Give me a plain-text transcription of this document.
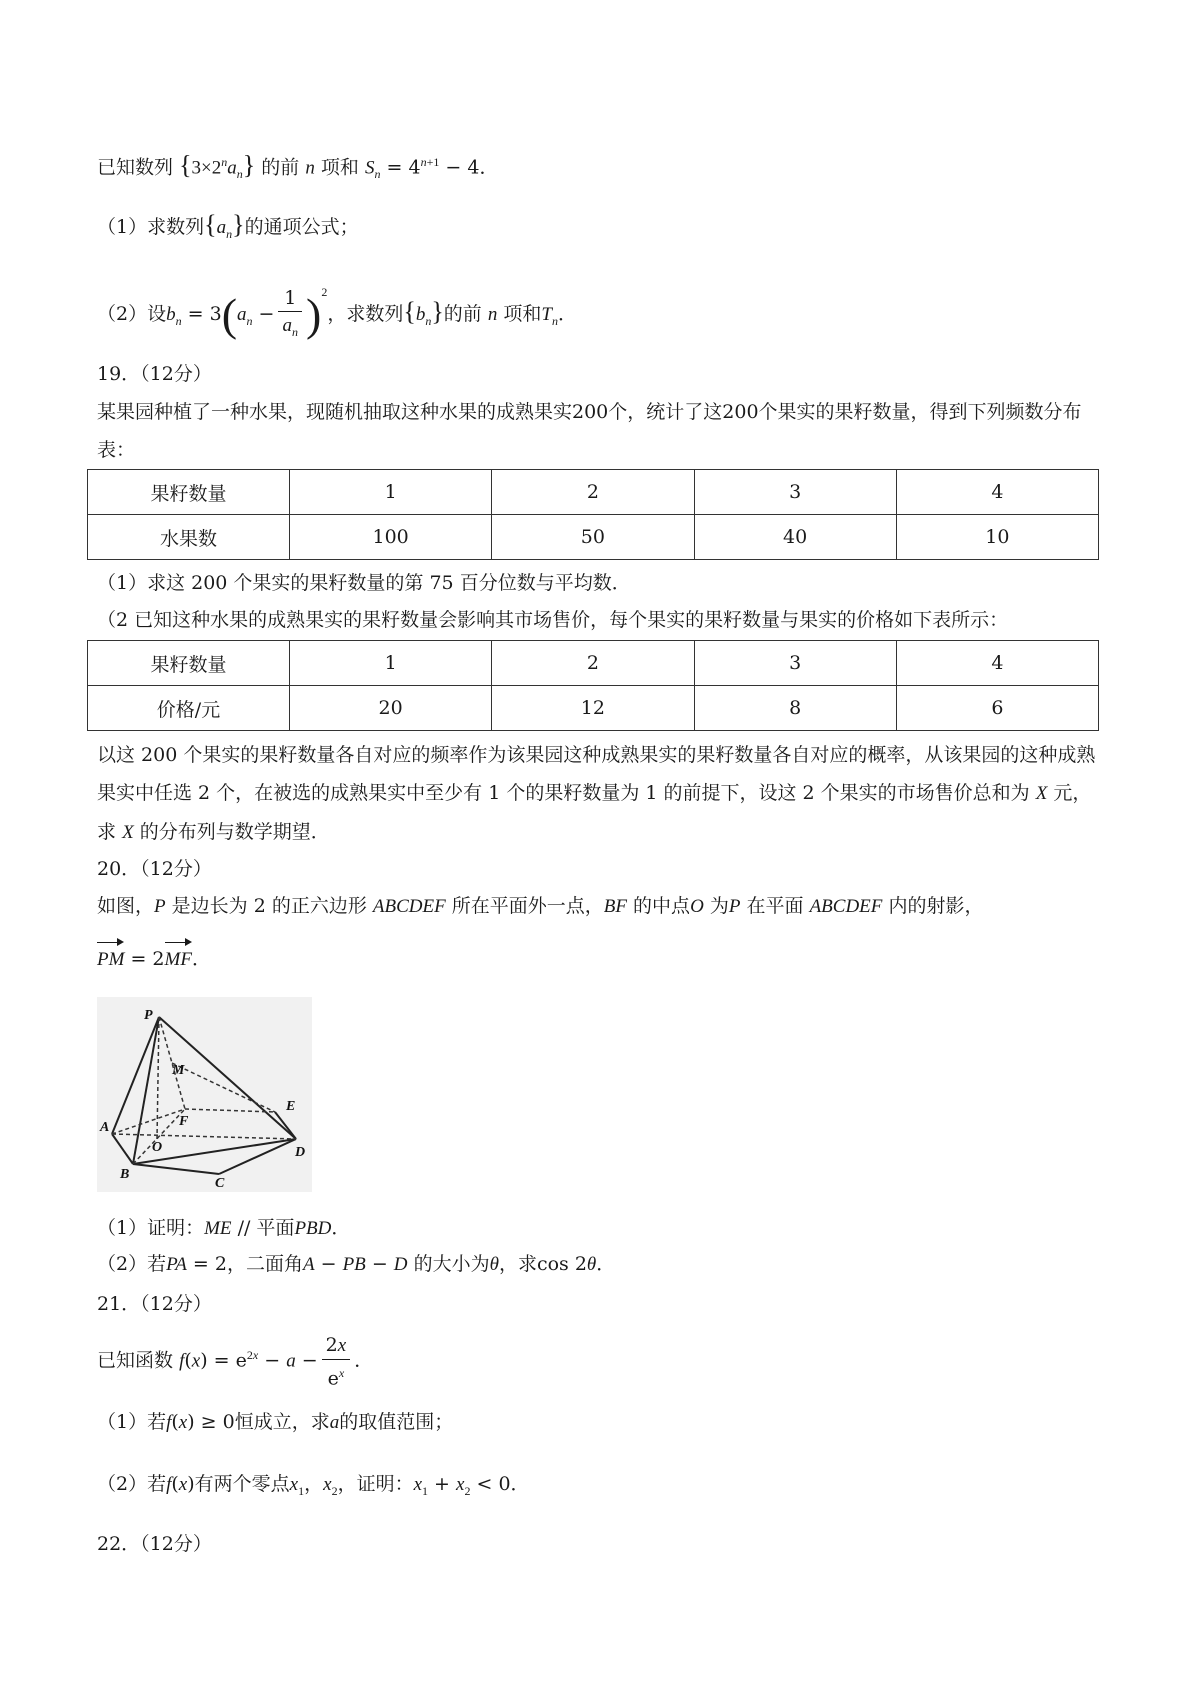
已知数列 $\{3\times 2^na_n\}$ 的前 n 项和 $S_n = 4^{n+1} - 4$．
（1）求数列$\{a_n\}$的通项公式；
（2）设$b_n = 3(a_n - \frac{1}{a_n} )^2$，求数列$\{b_n\}$的前 n 项和$T_n$．
19．（12分）
某果园种植了一种水果，现随机抽取这种水果的成熟果实200个，统计了这200个果实的果籽数量，得到下列频数分布表：
果籽数量	1	2	3	4
水果数	100	50	40	10
（1）求这 200 个果实的果籽数量的第 75 百分位数与平均数．
（2 已知这种水果的成熟果实的果籽数量会影响其市场售价，每个果实的果籽数量与果实的价格如下表所示：
果籽数量	1	2	3	4
价格/元	20	12	8	6
以这 200 个果实的果籽数量各自对应的频率作为该果园这种成熟果实的果籽数量各自对应的概率，从该果园的这种成熟果实中任选 2 个，在被选的成熟果实中至少有 1 个的果籽数量为 1 的前提下，设这 2 个果实的市场售价总和为 X 元，求 X 的分布列与数学期望．
20．（12分）
如图，P 是边长为 2 的正六边形 ABCDEF 所在平面外一点，BF 的中点O 为P 在平面 ABCDEF 内的射影，
PM = 2MF．
P
M
E
F
A
O	D
B
C
（1）证明：ME // 平面PBD．
（2）若PA = 2，二面角A − PB − D 的大小为θ，求cos 2θ．
21．（12分）
已知函数 $f(x) = e^{2x} - a - \frac{2x}{e^x}$ ．
（1）若f(x) ≥ 0恒成立，求a的取值范围；
（2）若f(x)有两个零点$x_1$，$x_2$，证明：$x_1 + x_2 < 0$．
22．（12分）
